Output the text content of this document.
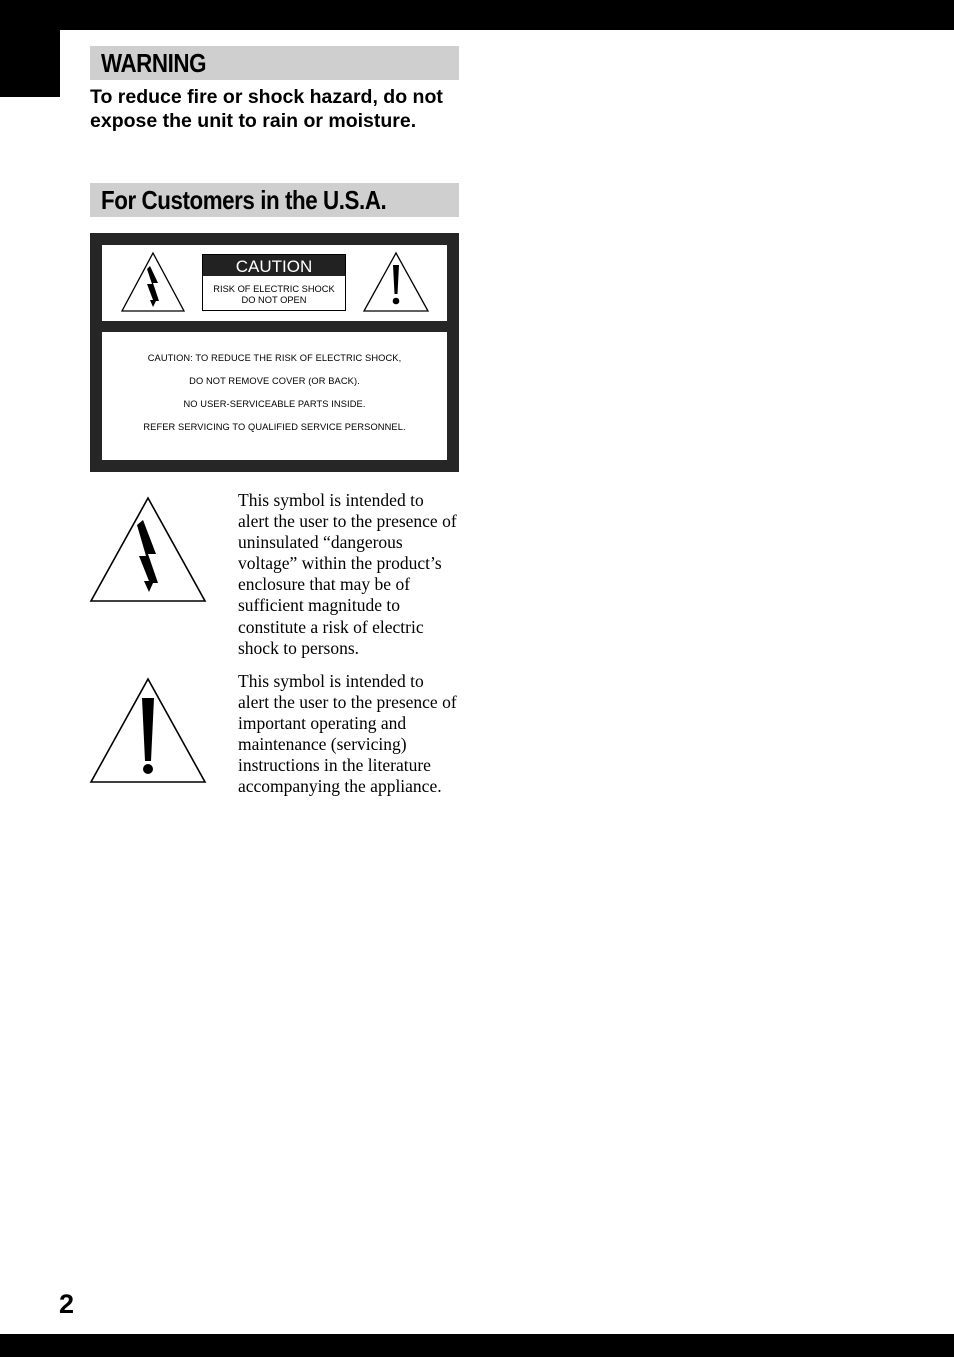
WARNING
To reduce fire or shock hazard, do not expose the unit to rain or moisture.
For Customers in the U.S.A.
CAUTION
RISK OF ELECTRIC SHOCK
DO NOT OPEN
CAUTION: TO REDUCE THE RISK OF ELECTRIC SHOCK,
DO NOT REMOVE COVER (OR BACK).
NO USER-SERVICEABLE PARTS INSIDE.
REFER SERVICING TO QUALIFIED SERVICE PERSONNEL.
This symbol is intended to alert the user to the presence of uninsulated “dangerous voltage” within the product’s enclosure that may be of sufficient magnitude to constitute a risk of electric shock to persons.
This symbol is intended to alert the user to the presence of important operating and maintenance (servicing) instructions in the literature accompanying the appliance.
2
